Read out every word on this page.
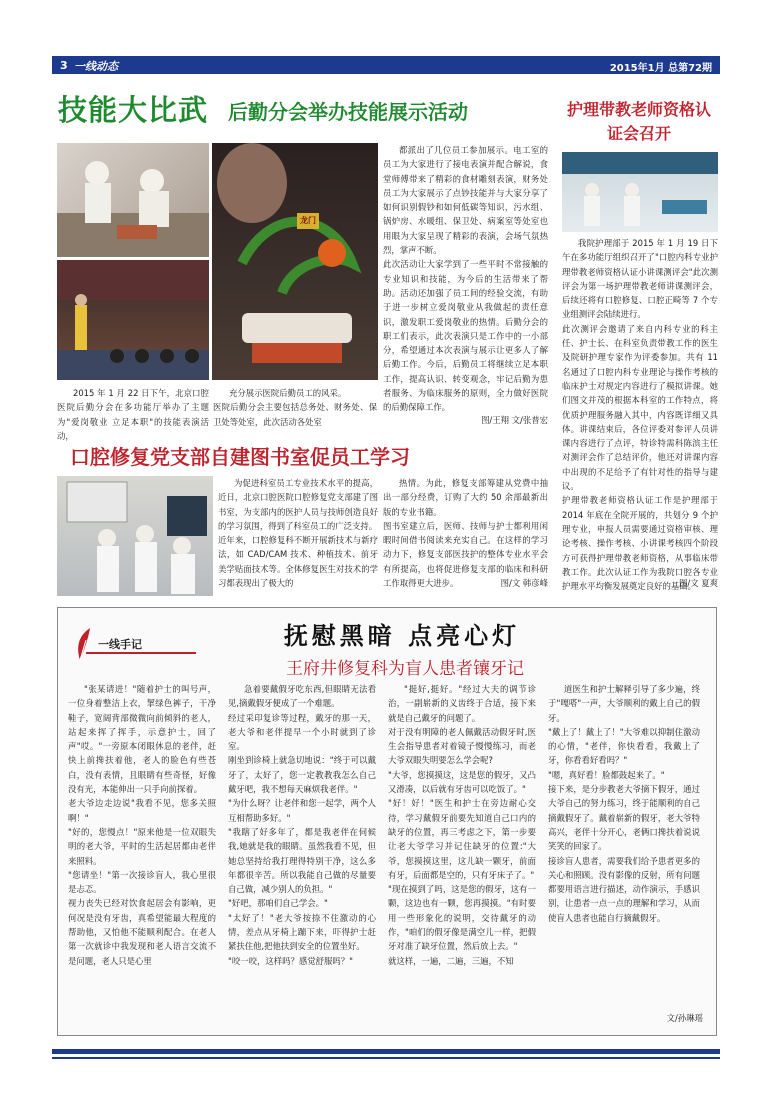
3 一线动态	2015年1月 总第72期
技能大比武 后勤分会举办技能展示活动
龙门
2015 年 1 月 22 日下午，北京口腔医院后勤分会在多功能厅举办了主题为"爱岗敬业 立足本职"的技能表演活动，
充分展示医院后勤员工的风采。
医院后勤分会主要包括总务处、财务处、保卫处等处室，此次活动各处室
都派出了几位员工参加展示。电工室的员工为大家进行了接电表演并配合解说，食堂师傅带来了精彩的食材雕刻表演，财务处员工为大家展示了点钞技能并与大家分享了如何识别假钞和如何低碳等知识，污水组、锅炉房、水暖组、保卫处、病案室等处室也用眼为大家呈现了精彩的表演，会场气氛热烈，掌声不断。
此次活动让大家学到了一些平时不常接触的专业知识和技能，为今后的生活带来了帮助。活动还加强了员工间的经验交流，有助于进一步树立爱岗敬业从我做起的责任意识，激发职工爱岗敬业的热情。后勤分会的职工们表示，此次表演只是工作中的一小部分，希望通过本次表演与展示让更多人了解后勤工作。今后，后勤员工将继续立足本职工作，提高认识、转变观念，牢记后勤为患者服务、为临床服务的原则，全力做好医院的后勤保障工作。
图/王翔 文/张普宏
护理带教老师资格认证会召开
我院护理部于 2015 年 1 月 19 日下午在多功能厅组织召开了"口腔内科专业护理带教老师资格认证小讲课测评会"此次测评会为第一场护理带教老师讲课测评会，后续还将有口腔修复、口腔正畸等 7 个专业组测评会陆续进行。
此次测评会邀请了来自内科专业的科主任、护士长、在科室负责带教工作的医生及院研护理专家作为评委参加。共有 11 名通过了口腔内科专业理论与操作考核的临床护士对规定内容进行了模拟讲课。她们图文并茂的根据本科室的工作特点，将优质护理服务融入其中，内容既详细又具体。讲课结束后，各位评委对参评人员讲课内容进行了点评，特诊特需科陈滨主任对测评会作了总结评价，他还对讲课内容中出现的不足给予了有针对性的指导与建议。
护理带教老师资格认证工作是护理部于 2014 年底在全院开展的，共划分 9 个护理专业，申报人员需要通过资格审核、理论考核、操作考核、小讲课考核四个阶段方可获得护理带教老师资格，从事临床带教工作。此次认证工作为我院口腔各专业护理水平均衡发展奠定良好的基础。
图/文 夏爽
口腔修复党支部自建图书室促员工学习
为促进科室员工专业技术水平的提高，近日，北京口腔医院口腔修复党支部建了图书室，为支部内的医护人员与技师创造良好的学习氛围，得到了科室员工的广泛支持。
近年来，口腔修复科不断开展新技术与新疗法，如 CAD/CAM 技术、种植技术、前牙美学贴面技术等。全体修复医生对技术的学习都表现出了极大的
热情。为此，修复支部筹建从党费中抽出一部分经费，订购了大约 50 余部最新出版的专业书籍。
图书室建立后，医师、技师与护士都利用闲暇时间借书阅读来充实自己。在这样的学习动力下，修复支部医技护的整体专业水平会有所提高，也将促进修复支部的临床和科研工作取得更大进步。	图/文 韩彦峰
一线手记	抚慰黑暗 点亮心灯
王府井修复科为盲人患者镶牙记
"张某请进！"随着护士的叫号声，一位身着整洁上衣，挈绿色裤子，干净鞋子，宽阔背部微微向前倾斜的老人，站起来挥了挥手，示意护士，回了声"哎。"一旁原本闭眼休息的老伴，赶快上前搀扶着他，老人的脸色有些苍白，没有表情，且眼睛有些奇怪，好像没有光，本能伸出一只手向前探着。
老大爷边走边说"我看不见，您多关照啊！"
"好的，您慢点！"原来他是一位双眼失明的老大爷，平时的生活起居都由老伴来照料。
"您请坐！"第一次接诊盲人，我心里很是忐忑。
视力丧失已经对饮食起居会有影响，更何况是没有牙齿，真希望能最大程度的帮助他，又怕他不能顺利配合。在老人第一次就诊中我发现和老人语言交流不是问题，老人只是心里
急着要戴假牙吃东西,但眼睛无法看见,摘戴假牙便成了一个难题。
经过采印复诊等过程，戴牙的那一天，老大爷和老伴提早一个小时就到了诊室。
刚坐到诊椅上就急切地说："终于可以戴牙了，太好了，您一定教教我怎么自己戴牙吧，我不想每天麻烦我老伴。"
"为什么呀？让老伴和您一起学，两个人互相帮助多好。"
"我瞎了好多年了，都是我老伴在伺候我,她就是我的眼睛。虽然我看不见，但她总坚持给我打理得特别干净，这么多年都很辛苦。所以我能自己做的尽量要自己做，减少别人的负担。"
"好吧，那咱们自己学会。"
"太好了！"老大爷按捺不住激动的心情，差点从牙椅上蹦下来，吓得护士赶紧扶住他,把他扶到安全的位置坐好。
"咬一咬，这样吗？感觉舒服吗？"
"挺好,挺好。"经过大夫的调节诊治，一副崭新的义齿终于合适，接下来就是自己戴牙的问题了。
对于没有明障的老人佩戴活动假牙时,医生会指导患者对着镜子慢慢练习，而老大爷双眼失明要怎么学会呢?
"大爷，您摸摸这，这是您的假牙，又凸又滑凑，以后就有牙齿可以吃饭了。"
"好！好！"医生和护士在旁边耐心交待，学习戴假牙前要先知道自己口内的缺牙的位置，再三考虑之下，第一步要让老大爷学习并记住缺牙的位置:"大爷，您摸摸这里，这儿缺一颗牙，前面有牙，后面都是空的，只有牙床子了。"
"现在摸到了吗，这是您的假牙，这有一颗，这边也有一颗，您再摸摸。"有时要用一些形象化的说明，交待戴牙的动作，"咱们的假牙像是满空儿一样，把假牙对准了缺牙位置，然后放上去。"
就这样，一遍，二遍，三遍，不知
道医生和护士解释引导了多少遍，终于"嘎嗒"一声，大爷顺利的戴上自己的假牙。
"戴上了！戴上了！"大爷难以抑制住激动的心情，"老伴，你快看看，我戴上了牙，你看看好看吗？"
"嗯，真好看！脸都鼓起来了。"
接下来，是分步教老大爷摘下假牙，通过大爷自己的努力练习，终于能顺利的自己摘戴假牙了。戴着崭新的假牙，老大爷特高兴，老伴十分开心，老俩口搀扶着说说笑笑的回家了。
接诊盲人患者，需要我们给予患者更多的关心和照顾。没有影像的反射，所有问题都要用语言进行描述，动作演示，手感识别，让患者一点一点的理解和学习，从而使盲人患者也能自行摘戴假牙。
文/孙琳瑶
